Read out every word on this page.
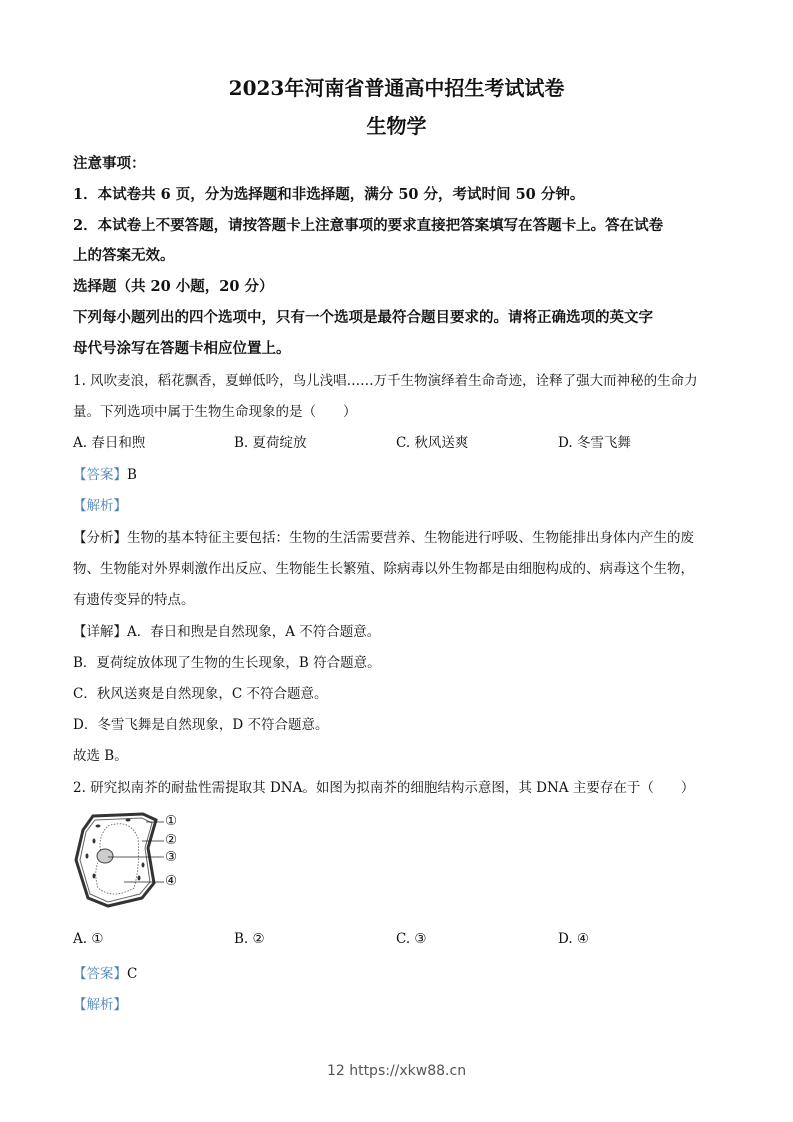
2023年河南省普通高中招生考试试卷
生物学
注意事项：
1．本试卷共 6 页，分为选择题和非选择题，满分 50 分，考试时间 50 分钟。
2．本试卷上不要答题，请按答题卡上注意事项的要求直接把答案填写在答题卡上。答在试卷
上的答案无效。
选择题（共 20 小题，20 分）
下列每小题列出的四个选项中，只有一个选项是最符合题目要求的。请将正确选项的英文字
母代号涂写在答题卡相应位置上。
1. 风吹麦浪，稻花飘香，夏蝉低吟，鸟儿浅唱……万千生物演绎着生命奇迹，诠释了强大而神秘的生命力
量。下列选项中属于生物生命现象的是（　　）
A. 春日和煦	B. 夏荷绽放	C. 秋风送爽	D. 冬雪飞舞
【答案】B
【解析】
【分析】生物的基本特征主要包括：生物的生活需要营养、生物能进行呼吸、生物能排出身体内产生的废
物、生物能对外界刺激作出反应、生物能生长繁殖、除病毒以外生物都是由细胞构成的、病毒这个生物，
有遗传变异的特点。
【详解】A．春日和煦是自然现象，A 不符合题意。
B．夏荷绽放体现了生物的生长现象，B 符合题意。
C．秋风送爽是自然现象，C 不符合题意。
D．冬雪飞舞是自然现象，D 不符合题意。
故选 B。
2. 研究拟南芥的耐盐性需提取其 DNA。如图为拟南芥的细胞结构示意图，其 DNA 主要存在于（　　）
①
②
③
④
A. ①	B. ②	C. ③	D. ④
【答案】C
【解析】
12 https://xkw88.cn
